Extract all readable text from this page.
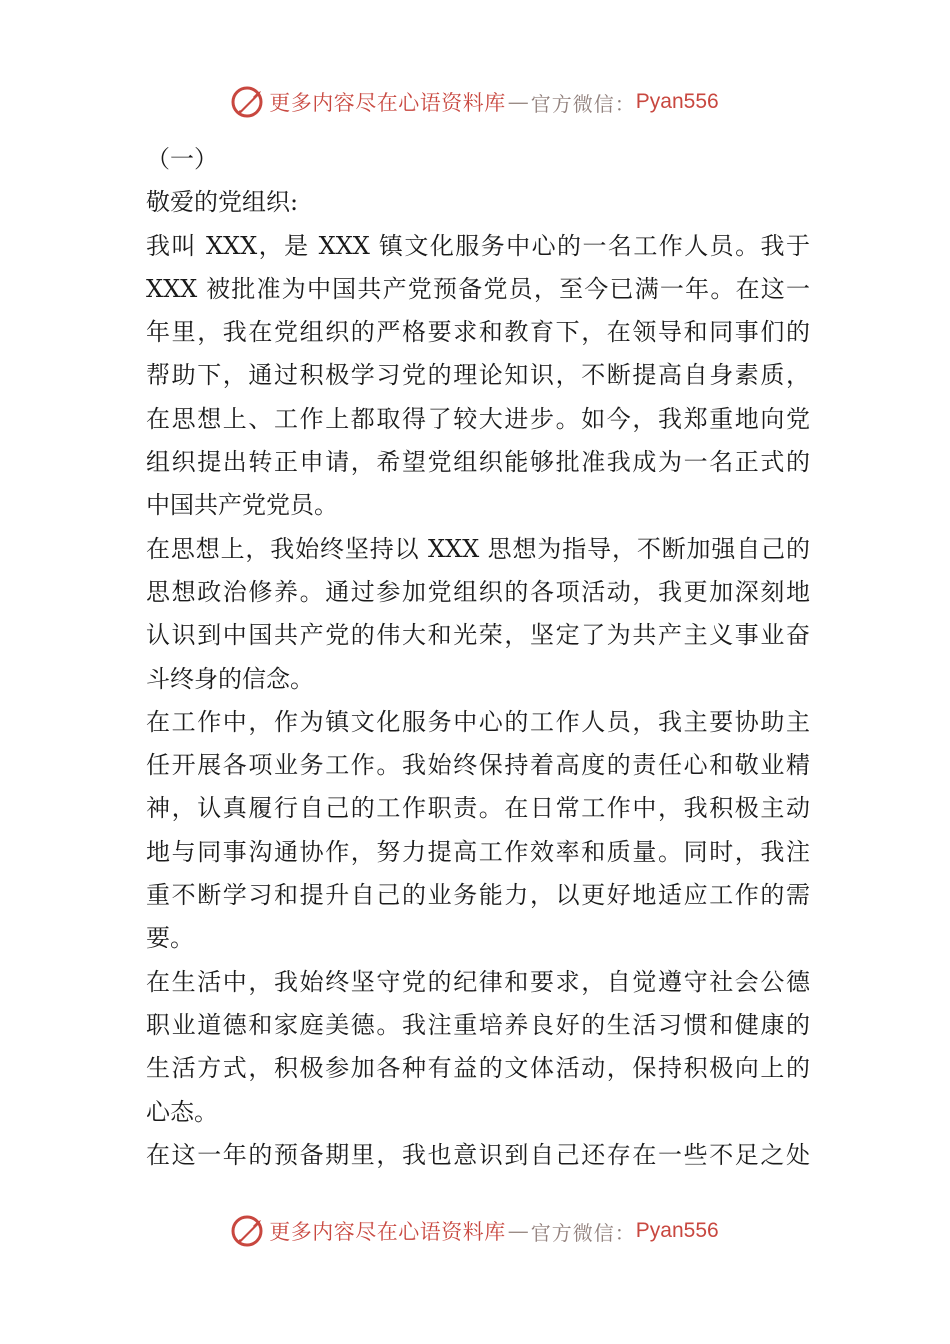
更多内容尽在心语资料库 — 官方微信： Pyan556
（一）
敬爱的党组织:
我叫 XXX，是 XXX 镇文化服务中心的一名工作人员。我于
XXX 被批准为中国共产党预备党员，至今已满一年。在这一
年里，我在党组织的严格要求和教育下，在领导和同事们的
帮助下，通过积极学习党的理论知识，不断提高自身素质，
在思想上、工作上都取得了较大进步。如今，我郑重地向党
组织提出转正申请，希望党组织能够批准我成为一名正式的
中国共产党党员。
在思想上，我始终坚持以 XXX 思想为指导，不断加强自己的
思想政治修养。通过参加党组织的各项活动，我更加深刻地
认识到中国共产党的伟大和光荣，坚定了为共产主义事业奋
斗终身的信念。
在工作中，作为镇文化服务中心的工作人员，我主要协助主
任开展各项业务工作。我始终保持着高度的责任心和敬业精
神，认真履行自己的工作职责。在日常工作中，我积极主动
地与同事沟通协作，努力提高工作效率和质量。同时，我注
重不断学习和提升自己的业务能力，以更好地适应工作的需
要。
在生活中，我始终坚守党的纪律和要求，自觉遵守社会公德
职业道德和家庭美德。我注重培养良好的生活习惯和健康的
生活方式，积极参加各种有益的文体活动，保持积极向上的
心态。
在这一年的预备期里，我也意识到自己还存在一些不足之处
更多内容尽在心语资料库 — 官方微信： Pyan556
